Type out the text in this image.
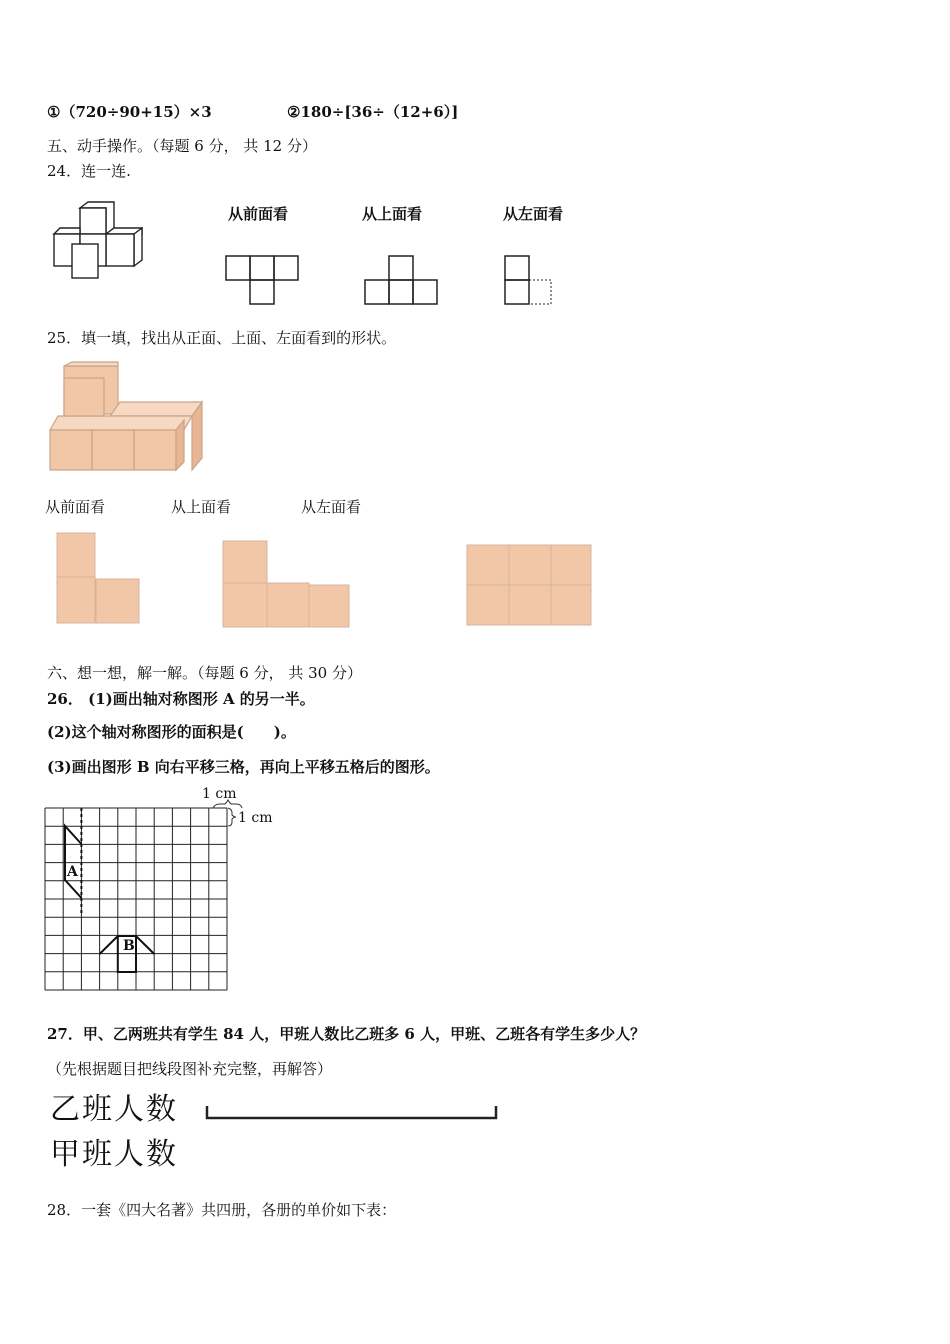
①（720÷90+15）×3	②180÷[36÷（12+6）]
五、动手操作。（每题 6 分， 共 12 分）
24．连一连.
从前面看	从上面看	从左面看
25．填一填，找出从正面、上面、左面看到的形状。
从前面看	从上面看	从左面看
六、想一想，解一解。（每题 6 分， 共 30 分）
26． (1)画出轴对称图形 A 的另一半。
(2)这个轴对称图形的面积是(　　)。
(3)画出图形 B 向右平移三格，再向上平移五格后的图形。
1 cm
1 cm
A
B
27．甲、乙两班共有学生 84 人，甲班人数比乙班多 6 人，甲班、乙班各有学生多少人？
（先根据题目把线段图补充完整，再解答）
乙班人数
甲班人数
28．一套《四大名著》共四册，各册的单价如下表：
